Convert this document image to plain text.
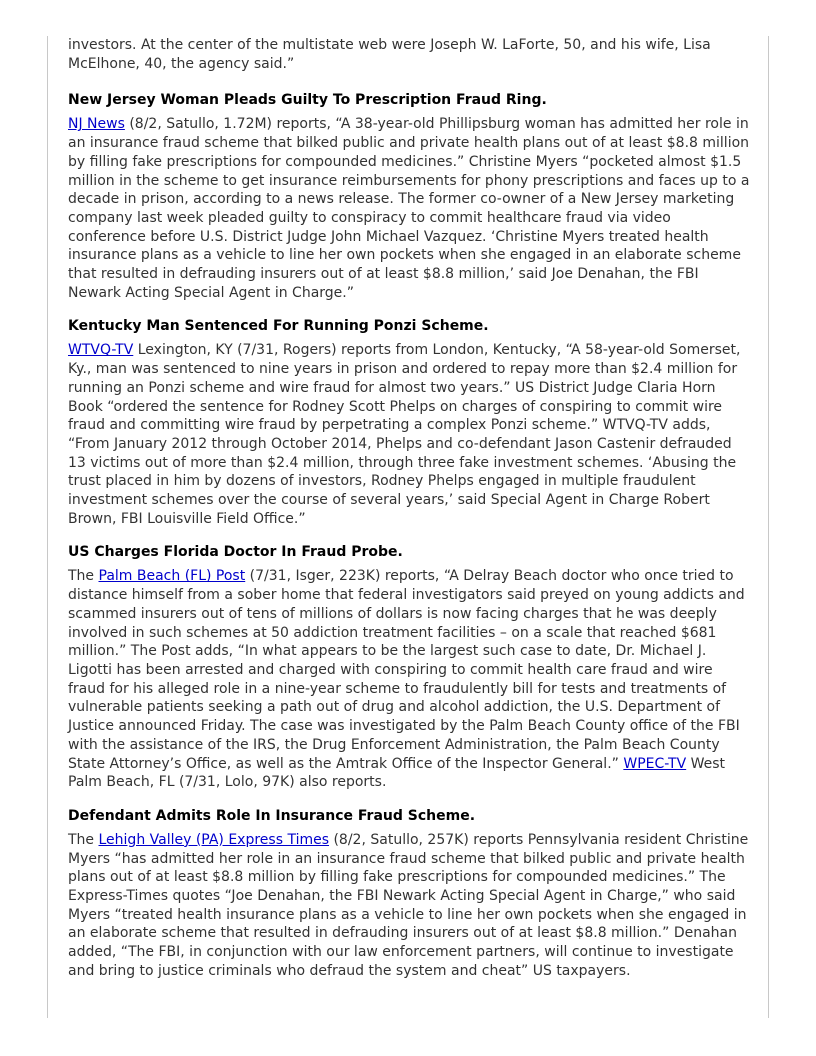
investors. At the center of the multistate web were Joseph W. LaForte, 50, and his wife, Lisa McElhone, 40, the agency said.”

New Jersey Woman Pleads Guilty To Prescription Fraud Ring.

NJ News (8/2, Satullo, 1.72M) reports, “A 38-year-old Phillipsburg woman has admitted her role in an insurance fraud scheme that bilked public and private health plans out of at least $8.8 million by filling fake prescriptions for compounded medicines.” Christine Myers “pocketed almost $1.5 million in the scheme to get insurance reimbursements for phony prescriptions and faces up to a decade in prison, according to a news release. The former co-owner of a New Jersey marketing company last week pleaded guilty to conspiracy to commit healthcare fraud via video conference before U.S. District Judge John Michael Vazquez. ‘Christine Myers treated health insurance plans as a vehicle to line her own pockets when she engaged in an elaborate scheme that resulted in defrauding insurers out of at least $8.8 million,’ said Joe Denahan, the FBI Newark Acting Special Agent in Charge.”

Kentucky Man Sentenced For Running Ponzi Scheme.

WTVQ-TV Lexington, KY (7/31, Rogers) reports from London, Kentucky, “A 58-year-old Somerset, Ky., man was sentenced to nine years in prison and ordered to repay more than $2.4 million for running an Ponzi scheme and wire fraud for almost two years.” US District Judge Claria Horn Book “ordered the sentence for Rodney Scott Phelps on charges of conspiring to commit wire fraud and committing wire fraud by perpetrating a complex Ponzi scheme.” WTVQ-TV adds, “From January 2012 through October 2014, Phelps and co-defendant Jason Castenir defrauded 13 victims out of more than $2.4 million, through three fake investment schemes. ‘Abusing the trust placed in him by dozens of investors, Rodney Phelps engaged in multiple fraudulent investment schemes over the course of several years,’ said Special Agent in Charge Robert Brown, FBI Louisville Field Office.”

US Charges Florida Doctor In Fraud Probe.

The Palm Beach (FL) Post (7/31, Isger, 223K) reports, “A Delray Beach doctor who once tried to distance himself from a sober home that federal investigators said preyed on young addicts and scammed insurers out of tens of millions of dollars is now facing charges that he was deeply involved in such schemes at 50 addiction treatment facilities – on a scale that reached $681 million.” The Post adds, “In what appears to be the largest such case to date, Dr. Michael J. Ligotti has been arrested and charged with conspiring to commit health care fraud and wire fraud for his alleged role in a nine-year scheme to fraudulently bill for tests and treatments of vulnerable patients seeking a path out of drug and alcohol addiction, the U.S. Department of Justice announced Friday. The case was investigated by the Palm Beach County office of the FBI with the assistance of the IRS, the Drug Enforcement Administration, the Palm Beach County State Attorney’s Office, as well as the Amtrak Office of the Inspector General.” WPEC-TV West Palm Beach, FL (7/31, Lolo, 97K) also reports.

Defendant Admits Role In Insurance Fraud Scheme.

The Lehigh Valley (PA) Express Times (8/2, Satullo, 257K) reports Pennsylvania resident Christine Myers “has admitted her role in an insurance fraud scheme that bilked public and private health plans out of at least $8.8 million by filling fake prescriptions for compounded medicines.” The Express-Times quotes “Joe Denahan, the FBI Newark Acting Special Agent in Charge,” who said Myers “treated health insurance plans as a vehicle to line her own pockets when she engaged in an elaborate scheme that resulted in defrauding insurers out of at least $8.8 million.” Denahan added, “The FBI, in conjunction with our law enforcement partners, will continue to investigate and bring to justice criminals who defraud the system and cheat” US taxpayers.
